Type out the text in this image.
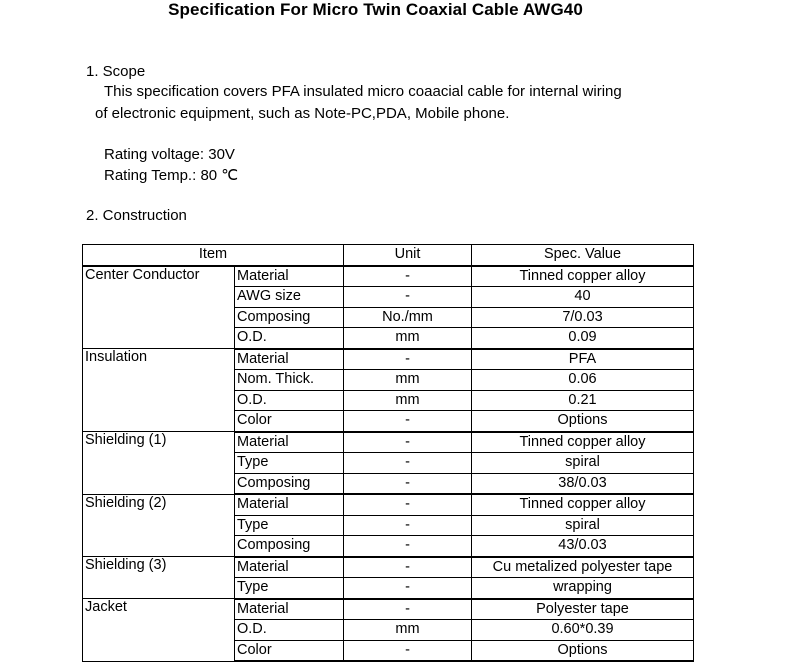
Specification For Micro Twin Coaxial Cable AWG40
1. Scope
This specification covers PFA insulated micro coaacial cable for internal wiring
of electronic equipment, such as Note-PC,PDA, Mobile phone.
Rating voltage: 30V
Rating Temp.: 80 ℃
2. Construction
Item		Unit	Spec. Value
Center Conductor	Material	-	Tinned copper alloy
	AWG size	-	40
	Composing	No./mm	7/0.03
	O.D.	mm	0.09
Insulation	Material	-	PFA
	Nom. Thick.	mm	0.06
	O.D.	mm	0.21
	Color	-	Options
Shielding (1)	Material	-	Tinned copper alloy
	Type	-	spiral
	Composing	-	38/0.03
Shielding (2)	Material	-	Tinned copper alloy
	Type	-	spiral
	Composing	-	43/0.03
Shielding (3)	Material	-	Cu metalized polyester tape
	Type	-	wrapping
Jacket	Material	-	Polyester tape
	O.D.	mm	0.60*0.39
	Color	-	Options
